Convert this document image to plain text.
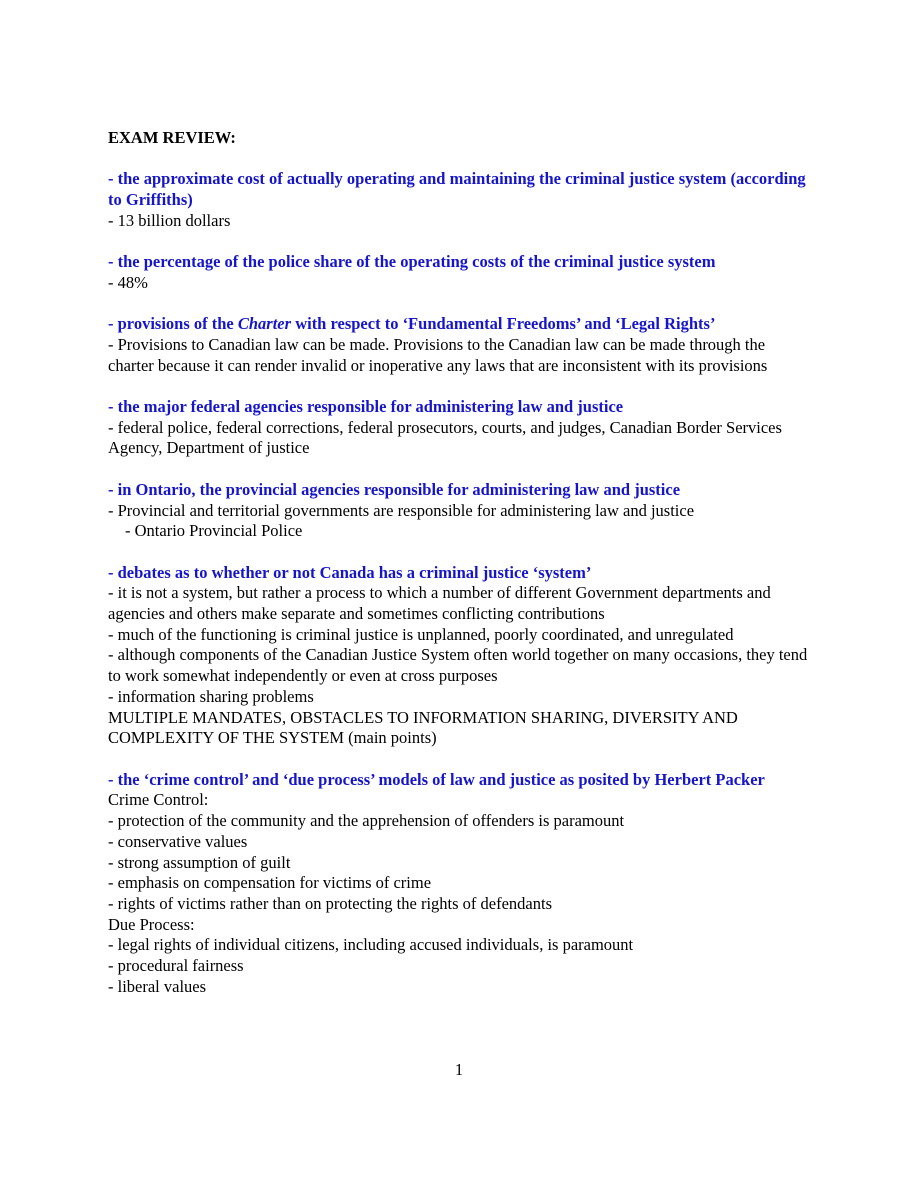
EXAM REVIEW:
- the approximate cost of actually operating and maintaining the criminal justice system (according to Griffiths)
- 13 billion dollars
- the percentage of the police share of the operating costs of the criminal justice system
- 48%
- provisions of the Charter with respect to ‘Fundamental Freedoms’ and ‘Legal Rights’
- Provisions to Canadian law can be made. Provisions to the Canadian law can be made through the charter because it can render invalid or inoperative any laws that are inconsistent with its provisions
- the major federal agencies responsible for administering law and justice
- federal police, federal corrections, federal prosecutors, courts, and judges, Canadian Border Services Agency, Department of justice
- in Ontario, the provincial agencies responsible for administering law and justice
- Provincial and territorial governments are responsible for administering law and justice
- Ontario Provincial Police
- debates as to whether or not Canada has a criminal justice ‘system’
- it is not a system, but rather a process to which a number of different Government departments and agencies and others make separate and sometimes conflicting contributions
- much of the functioning is criminal justice is unplanned, poorly coordinated, and unregulated
- although components of the Canadian Justice System often world together on many occasions, they tend to work somewhat independently or even at cross purposes
- information sharing problems
MULTIPLE MANDATES, OBSTACLES TO INFORMATION SHARING, DIVERSITY AND COMPLEXITY OF THE SYSTEM (main points)
- the ‘crime control’ and ‘due process’ models of law and justice as posited by Herbert Packer
Crime Control:
- protection of the community and the apprehension of offenders is paramount
- conservative values
- strong assumption of guilt
- emphasis on compensation for victims of crime
- rights of victims rather than on protecting the rights of defendants
Due Process:
- legal rights of individual citizens, including accused individuals, is paramount
- procedural fairness
- liberal values
1
